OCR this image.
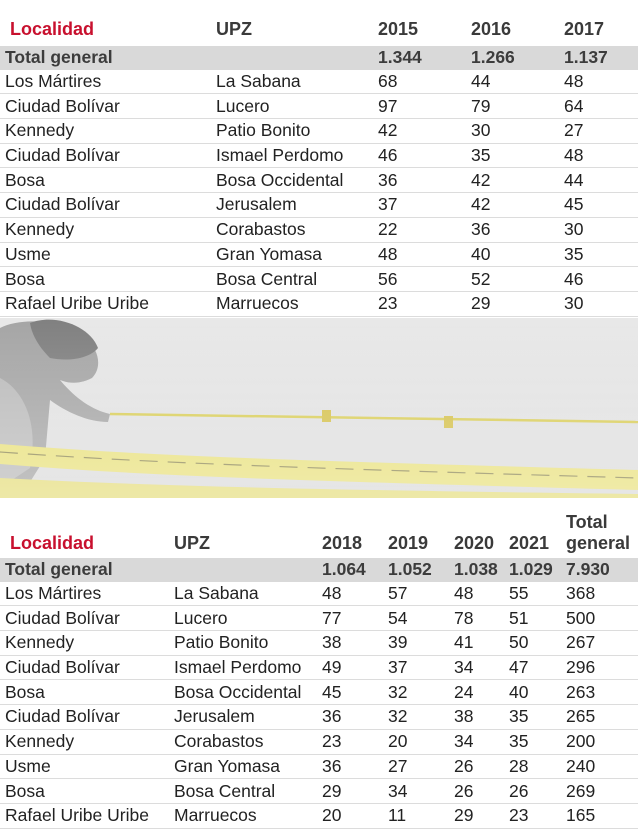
Localidad	UPZ	2015	2016	2017
Total general		1.344	1.266	1.137
Los Mártires	La Sabana	68	44	48
Ciudad Bolívar	Lucero	97	79	64
Kennedy	Patio Bonito	42	30	27
Ciudad Bolívar	Ismael Perdomo	46	35	48
Bosa	Bosa Occidental	36	42	44
Ciudad Bolívar	Jerusalem	37	42	45
Kennedy	Corabastos	22	36	30
Usme	Gran Yomasa	48	40	35
Bosa	Bosa Central	56	52	46
Rafael Uribe Uribe	Marruecos	23	29	30
Localidad	UPZ	2018	2019	2020	2021	Total general
Total general		1.064	1.052	1.038	1.029	7.930
Los Mártires	La Sabana	48	57	48	55	368
Ciudad Bolívar	Lucero	77	54	78	51	500
Kennedy	Patio Bonito	38	39	41	50	267
Ciudad Bolívar	Ismael Perdomo	49	37	34	47	296
Bosa	Bosa Occidental	45	32	24	40	263
Ciudad Bolívar	Jerusalem	36	32	38	35	265
Kennedy	Corabastos	23	20	34	35	200
Usme	Gran Yomasa	36	27	26	28	240
Bosa	Bosa Central	29	34	26	26	269
Rafael Uribe Uribe	Marruecos	20	11	29	23	165
